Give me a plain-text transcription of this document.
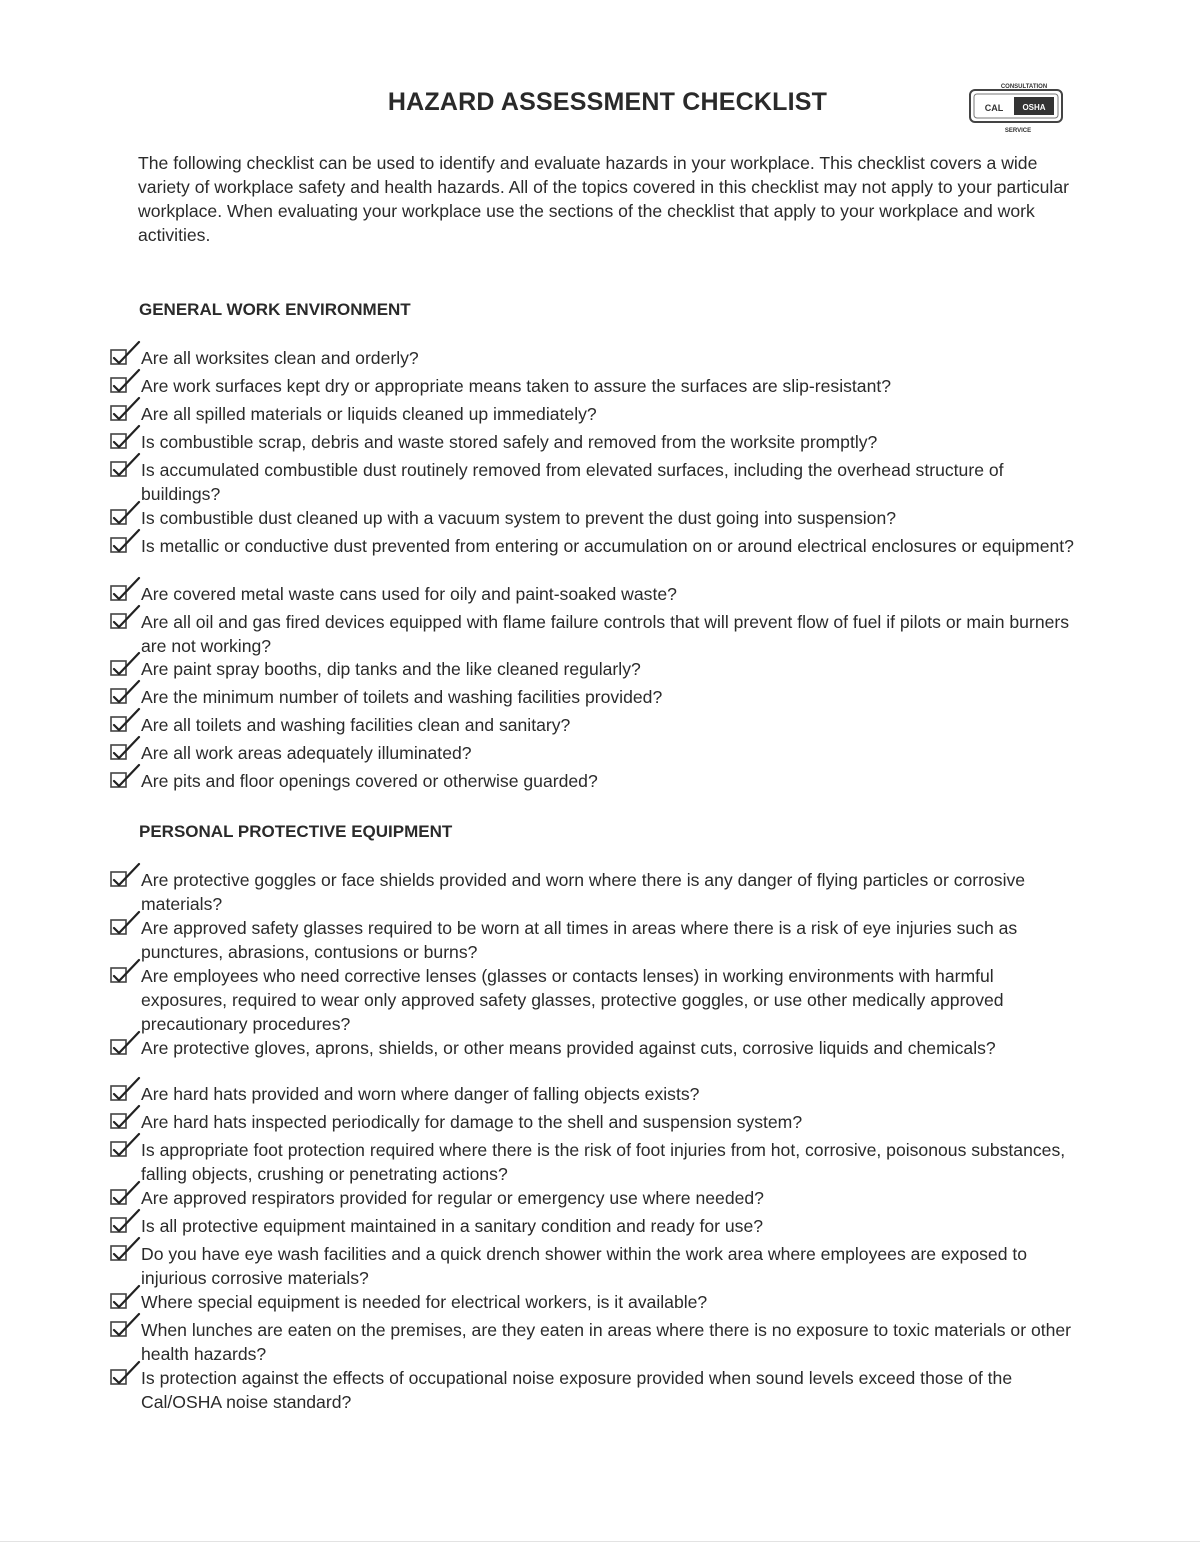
HAZARD ASSESSMENT CHECKLIST
CONSULTATION
CAL OSHA
SERVICE
The following checklist can be used to identify and evaluate hazards in your workplace. This checklist covers a wide variety of workplace safety and health hazards. All of the topics covered in this checklist may not apply to your particular workplace. When evaluating your workplace use the sections of the checklist that apply to your workplace and work activities.
GENERAL WORK ENVIRONMENT
Are all worksites clean and orderly?
Are work surfaces kept dry or appropriate means taken to assure the surfaces are slip-resistant?
Are all spilled materials or liquids cleaned up immediately?
Is combustible scrap, debris and waste stored safely and removed from the worksite promptly?
Is accumulated combustible dust routinely removed from elevated surfaces, including the overhead structure of buildings?
Is combustible dust cleaned up with a vacuum system to prevent the dust going into suspension?
Is metallic or conductive dust prevented from entering or accumulation on or around electrical enclosures or equipment?
Are covered metal waste cans used for oily and paint-soaked waste?
Are all oil and gas fired devices equipped with flame failure controls that will prevent flow of fuel if pilots or main burners are not working?
Are paint spray booths, dip tanks and the like cleaned regularly?
Are the minimum number of toilets and washing facilities provided?
Are all toilets and washing facilities clean and sanitary?
Are all work areas adequately illuminated?
Are pits and floor openings covered or otherwise guarded?
PERSONAL PROTECTIVE EQUIPMENT
Are protective goggles or face shields provided and worn where there is any danger of flying particles or corrosive materials?
Are approved safety glasses required to be worn at all times in areas where there is a risk of eye injuries such as punctures, abrasions, contusions or burns?
Are employees who need corrective lenses (glasses or contacts lenses) in working environments with harmful exposures, required to wear only approved safety glasses, protective goggles, or use other medically approved precautionary procedures?
Are protective gloves, aprons, shields, or other means provided against cuts, corrosive liquids and chemicals?
Are hard hats provided and worn where danger of falling objects exists?
Are hard hats inspected periodically for damage to the shell and suspension system?
Is appropriate foot protection required where there is the risk of foot injuries from hot, corrosive, poisonous substances, falling objects, crushing or penetrating actions?
Are approved respirators provided for regular or emergency use where needed?
Is all protective equipment maintained in a sanitary condition and ready for use?
Do you have eye wash facilities and a quick drench shower within the work area where employees are exposed to injurious corrosive materials?
Where special equipment is needed for electrical workers, is it available?
When lunches are eaten on the premises, are they eaten in areas where there is no exposure to toxic materials or other health hazards?
Is protection against the effects of occupational noise exposure provided when sound levels exceed those of the Cal/OSHA noise standard?
